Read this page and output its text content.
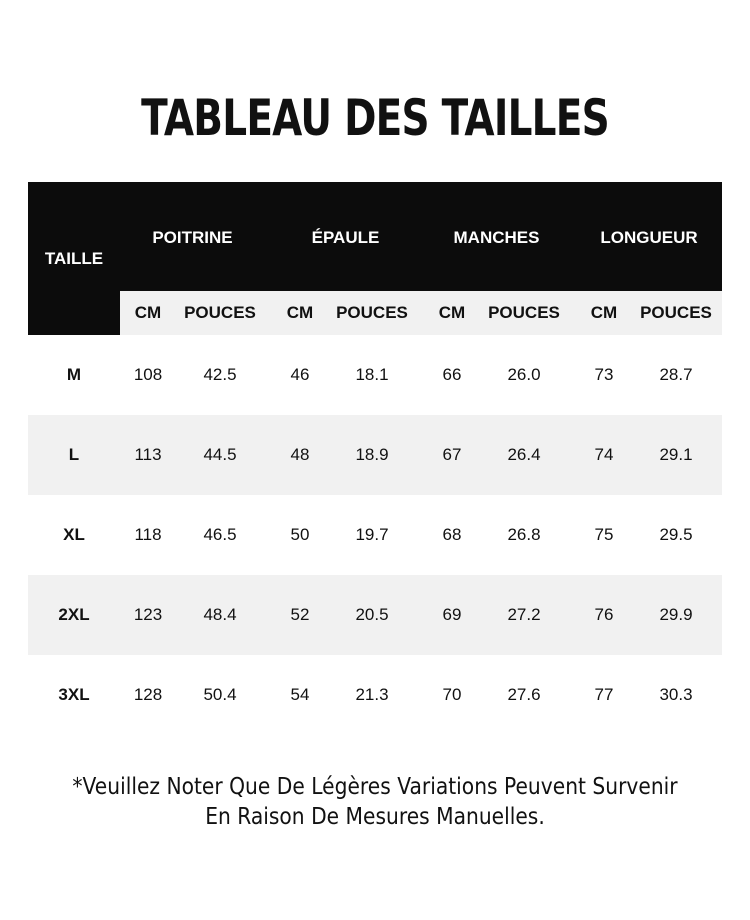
TABLEAU DES TAILLES
TAILLE
POITRINE	ÉPAULE	MANCHES	LONGUEUR
CM	POUCES	CM	POUCES	CM	POUCES	CM	POUCES
M	108	42.5	46	18.1	66	26.0	73	28.7
L	113	44.5	48	18.9	67	26.4	74	29.1
XL	118	46.5	50	19.7	68	26.8	75	29.5
2XL	123	48.4	52	20.5	69	27.2	76	29.9
3XL	128	50.4	54	21.3	70	27.6	77	30.3
*Veuillez Noter Que De Légères Variations Peuvent Survenir
En Raison De Mesures Manuelles.
